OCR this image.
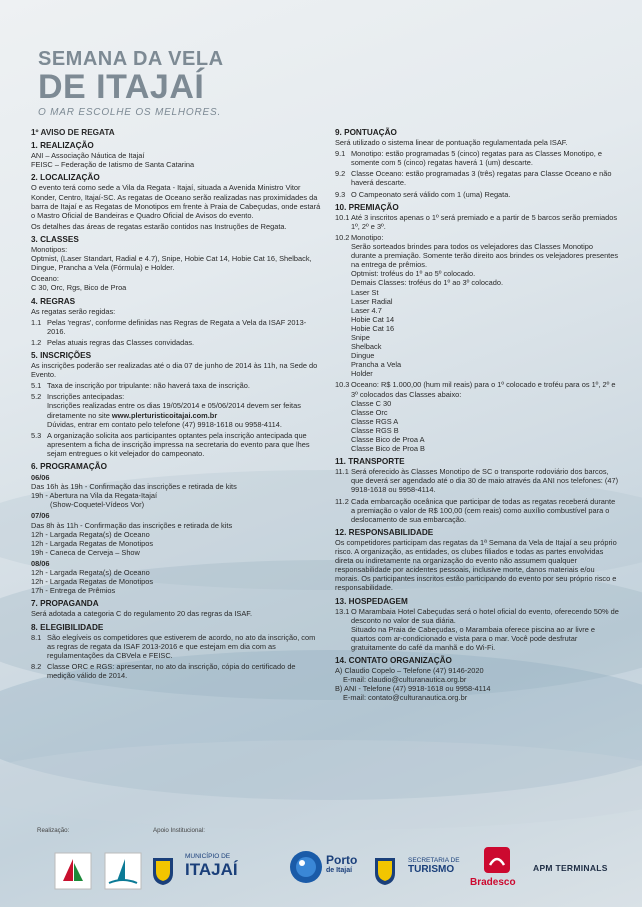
SEMANA DA VELA
DE ITAJAÍ
O MAR ESCOLHE OS MELHORES.
1º AVISO DE REGATA
1. REALIZAÇÃO
ANI – Associação Náutica de Itajaí
FEISC – Federação de Iatismo de Santa Catarina
2. LOCALIZAÇÃO

O evento terá como sede a Vila da Regata - Itajaí, situada a Avenida Ministro Vitor Konder, Centro, Itajaí-SC. As regatas de Oceano serão realizadas nas proximidades da barra de Itajaí e as Regatas de Monotipos em frente à Praia de Cabeçudas, onde estará o Mastro Oficial de Bandeiras e Quadro Oficial de Avisos do evento.

Os detalhes das áreas de regatas estarão contidos nas Instruções de Regata.

3. CLASSES
Monotipos:

Optmist, (Laser Standart, Radial e 4.7), Snipe, Hobie Cat 14, Hobie Cat 16, Shelback, Dingue, Prancha a Vela (Fórmula) e Holder.

Oceano:
C 30, Orc, Rgs, Bico de Proa
4. REGRAS

As regatas serão regidas:

1.1 Pelas 'regras', conforme definidas nas Regras de Regata a Vela da ISAF 2013-2016.
1.2 Pelas atuais regras das Classes convidadas.
5. INSCRIÇÕES

As inscrições poderão ser realizadas até o dia 07 de junho de 2014 às 11h, na Sede do Evento.

5.1 Taxa de inscrição por tripulante: não haverá taxa de inscrição.
5.2 Inscrições antecipadas:
Inscrições realizadas entre os dias 19/05/2014 e 05/06/2014 devem ser feitas diretamente no site www.plerturisticoitajai.com.br
Dúvidas, entrar em contato pelo telefone (47) 9918-1618 ou 9958-4114.
5.3 A organização solicita aos participantes optantes pela inscrição antecipada que apresentem a ficha de inscrição impressa na secretaria do evento para que lhes sejam entregues o kit velejador do campeonato.
6. PROGRAMAÇÃO
06/06
Das 16h às 19h - Confirmação das inscrições e retirada de kits
19h - Abertura na Vila da Regata-Itajaí
(Show-Coquetel-Vídeos Vor)
07/06
Das 8h às 11h - Confirmação das inscrições e retirada de kits
12h - Largada Regata(s) de Oceano
12h - Largada Regatas de Monotipos
19h - Caneca de Cerveja – Show
08/06
12h - Largada Regata(s) de Oceano
12h - Largada Regatas de Monotipos
17h - Entrega de Prêmios
7. PROPAGANDA

Será adotada a categoria C do regulamento 20 das regras da ISAF.

8. ELEGIBILIDADE
8.1 São elegíveis os competidores que estiverem de acordo, no ato da inscrição, com as regras de regata da ISAF 2013-2016 e que estejam em dia com as regulamentações da CBVela e FEISC.
8.2 Classe ORC e RGS: apresentar, no ato da inscrição, cópia do certificado de medição válido de 2014.
9. PONTUAÇÃO

Será utilizado o sistema linear de pontuação regulamentada pela ISAF.

9.1 Monotipo: estão programadas 5 (cinco) regatas para as Classes Monotipo, e somente com 5 (cinco) regatas haverá 1 (um) descarte.
9.2 Classe Oceano: estão programadas 3 (três) regatas para Classe Oceano e não haverá descarte.
9.3 O Campeonato será válido com 1 (uma) Regata.
10. PREMIAÇÃO
10.1 Até 3 inscritos apenas o 1º será premiado e a partir de 5 barcos serão premiados 1º, 2º e 3º.
10.2 Monotipo:
Serão sorteados brindes para todos os velejadores das Classes Monotipo durante a premiação. Somente terão direito aos brindes os velejadores presentes na entrega de prêmios.
Optmist: troféus do 1º ao 5º colocado.
Demais Classes: troféus do 1º ao 3º colocado.
Laser St
Laser Radial
Laser 4.7
Hobie Cat 14
Hobie Cat 16
Snipe
Shelback
Dingue
Prancha a Vela
Holder
10.3 Oceano: R$ 1.000,00 (hum mil reais) para o 1º colocado e troféu para os 1º, 2º e 3º colocados das Classes abaixo:
Classe C 30
Classe Orc
Classe RGS A
Classe RGS B
Classe Bico de Proa A
Classe Bico de Proa B
11. TRANSPORTE
11.1 Será oferecido às Classes Monotipo de SC o transporte rodoviário dos barcos, que deverá ser agendado até o dia 30 de maio através da ANI nos telefones: (47) 9918-1618 ou 9958-4114.
11.2 Cada embarcação oceânica que participar de todas as regatas receberá durante a premiação o valor de R$ 100,00 (cem reais) como auxílio combustível para o deslocamento de sua embarcação.
12. RESPONSABILIDADE

Os competidores participam das regatas da 1ª Semana da Vela de Itajaí a seu próprio risco. A organização, as entidades, os clubes filiados e todas as partes envolvidas direta ou indiretamente na organização do evento não assumem qualquer responsabilidade por acidentes pessoais, inclusive morte, danos materiais e/ou morais. Os participantes inscritos estão participando do evento por seu próprio risco e responsabilidade.

13. HOSPEDAGEM
13.1 O Marambaia Hotel Cabeçudas será o hotel oficial do evento, oferecendo 50% de desconto no valor de sua diária.
Situado na Praia de Cabeçudas, o Marambaia oferece piscina ao ar livre e quartos com ar-condicionado e vista para o mar. Você pode desfrutar gratuitamente do café da manhã e do Wi-Fi.
14. CONTATO ORGANIZAÇÃO
A) Claudio Copelo – Telefone (47) 9146-2020
E-mail: claudio@culturanautica.org.br
B) ANI - Telefone (47) 9918-1618 ou 9958-4114
E-mail: contato@culturanautica.org.br
Realização:	Apoio Institucional:
MUNICÍPIO DE
ITAJAÍ	Porto
de Itajaí
SECRETARIA DE
TURISMO
Bradesco
APM TERMINALS
